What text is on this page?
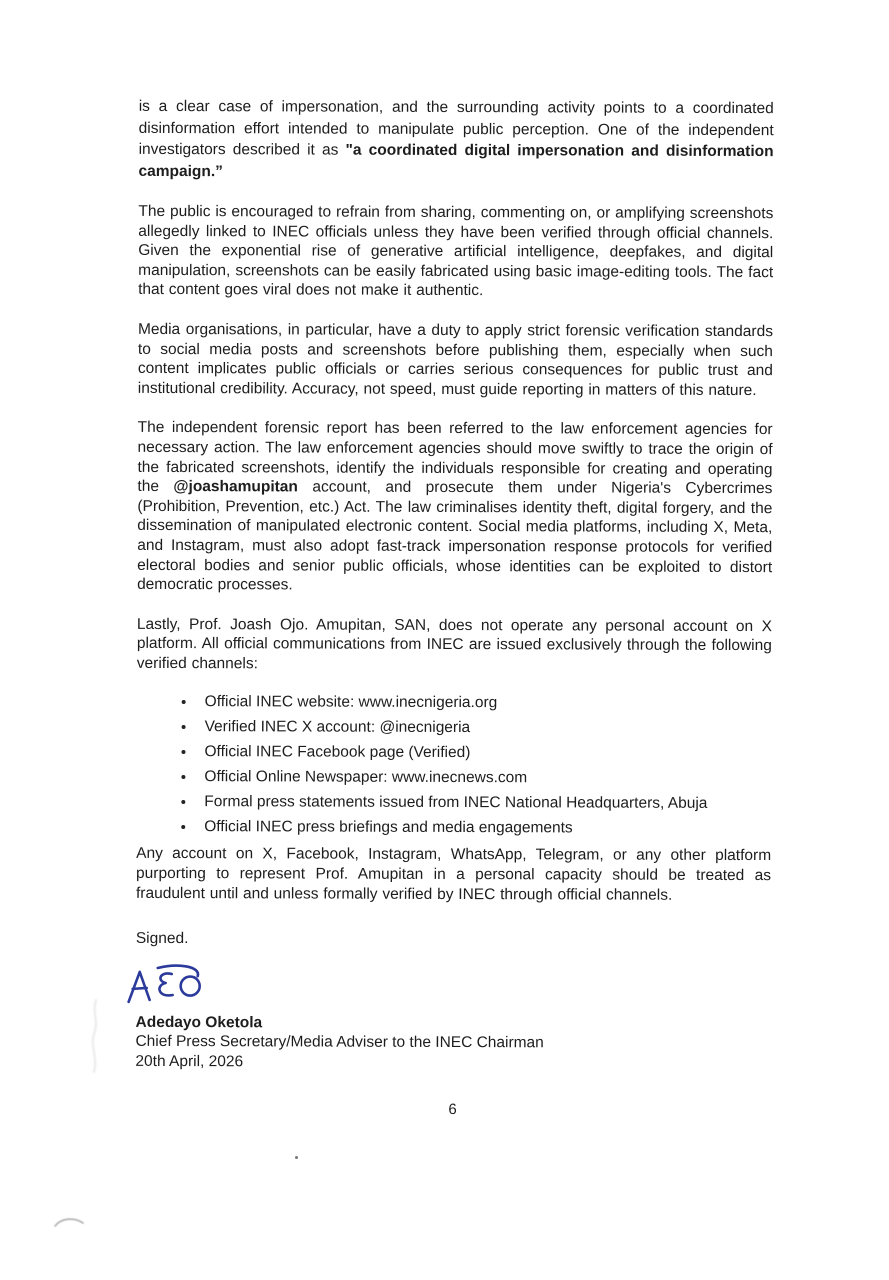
is a clear case of impersonation, and the surrounding activity points to a coordinated disinformation effort intended to manipulate public perception. One of the independent investigators described it as "a coordinated digital impersonation and disinformation campaign.”

The public is encouraged to refrain from sharing, commenting on, or amplifying screenshots allegedly linked to INEC officials unless they have been verified through official channels. Given the exponential rise of generative artificial intelligence, deepfakes, and digital manipulation, screenshots can be easily fabricated using basic image-editing tools. The fact that content goes viral does not make it authentic.

Media organisations, in particular, have a duty to apply strict forensic verification standards to social media posts and screenshots before publishing them, especially when such content implicates public officials or carries serious consequences for public trust and institutional credibility. Accuracy, not speed, must guide reporting in matters of this nature.

The independent forensic report has been referred to the law enforcement agencies for necessary action. The law enforcement agencies should move swiftly to trace the origin of the fabricated screenshots, identify the individuals responsible for creating and operating the @joashamupitan account, and prosecute them under Nigeria's Cybercrimes (Prohibition, Prevention, etc.) Act. The law criminalises identity theft, digital forgery, and the dissemination of manipulated electronic content. Social media platforms, including X, Meta, and Instagram, must also adopt fast-track impersonation response protocols for verified electoral bodies and senior public officials, whose identities can be exploited to distort democratic processes.

Lastly, Prof. Joash Ojo. Amupitan, SAN, does not operate any personal account on X platform. All official communications from INEC are issued exclusively through the following verified channels:

Official INEC website: www.inecnigeria.org
Verified INEC X account: @inecnigeria
Official INEC Facebook page (Verified)
Official Online Newspaper: www.inecnews.com
Formal press statements issued from INEC National Headquarters, Abuja
Official INEC press briefings and media engagements

Any account on X, Facebook, Instagram, WhatsApp, Telegram, or any other platform purporting to represent Prof. Amupitan in a personal capacity should be treated as fraudulent until and unless formally verified by INEC through official channels.

Signed.

Adedayo Oketola
Chief Press Secretary/Media Adviser to the INEC Chairman
20th April, 2026
6
